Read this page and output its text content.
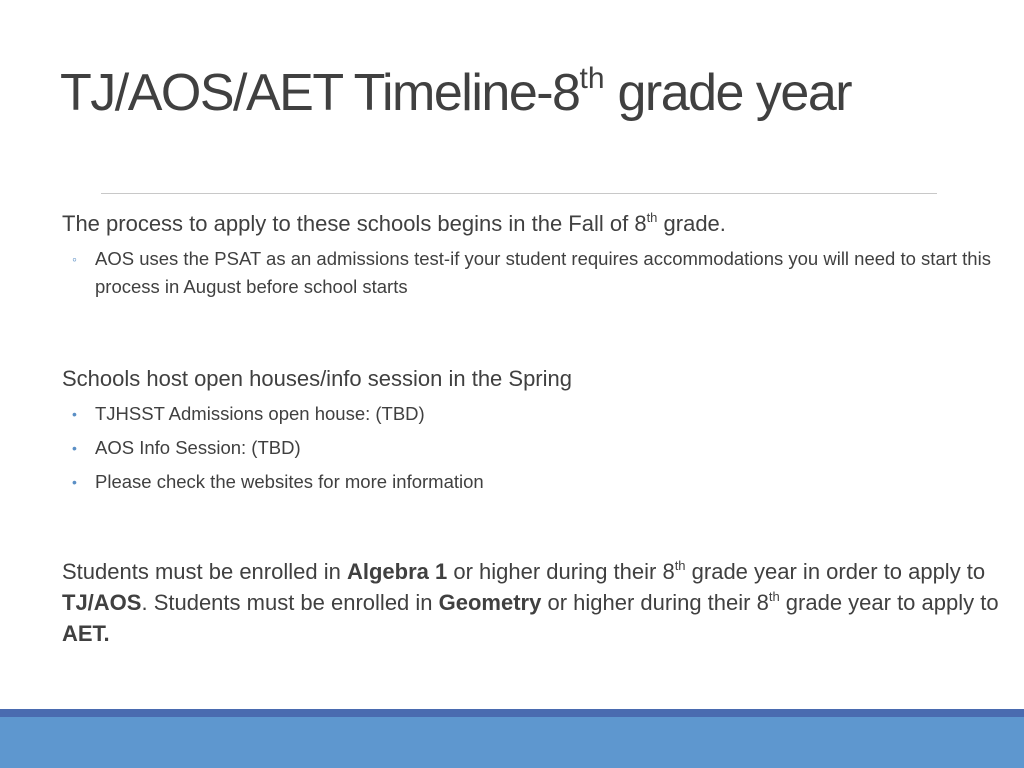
TJ/AOS/AET Timeline-8th grade year

The process to apply to these schools begins in the Fall of 8th grade.

◦ AOS uses the PSAT as an admissions test-if your student requires accommodations you will need to start this process in August before school starts

Schools host open houses/info session in the Spring

• TJHSST Admissions open house: (TBD)
• AOS Info Session: (TBD)
• Please check the websites for more information

Students must be enrolled in Algebra 1 or higher during their 8th grade year in order to apply to TJ/AOS. Students must be enrolled in Geometry or higher during their 8th grade year to apply to AET.
